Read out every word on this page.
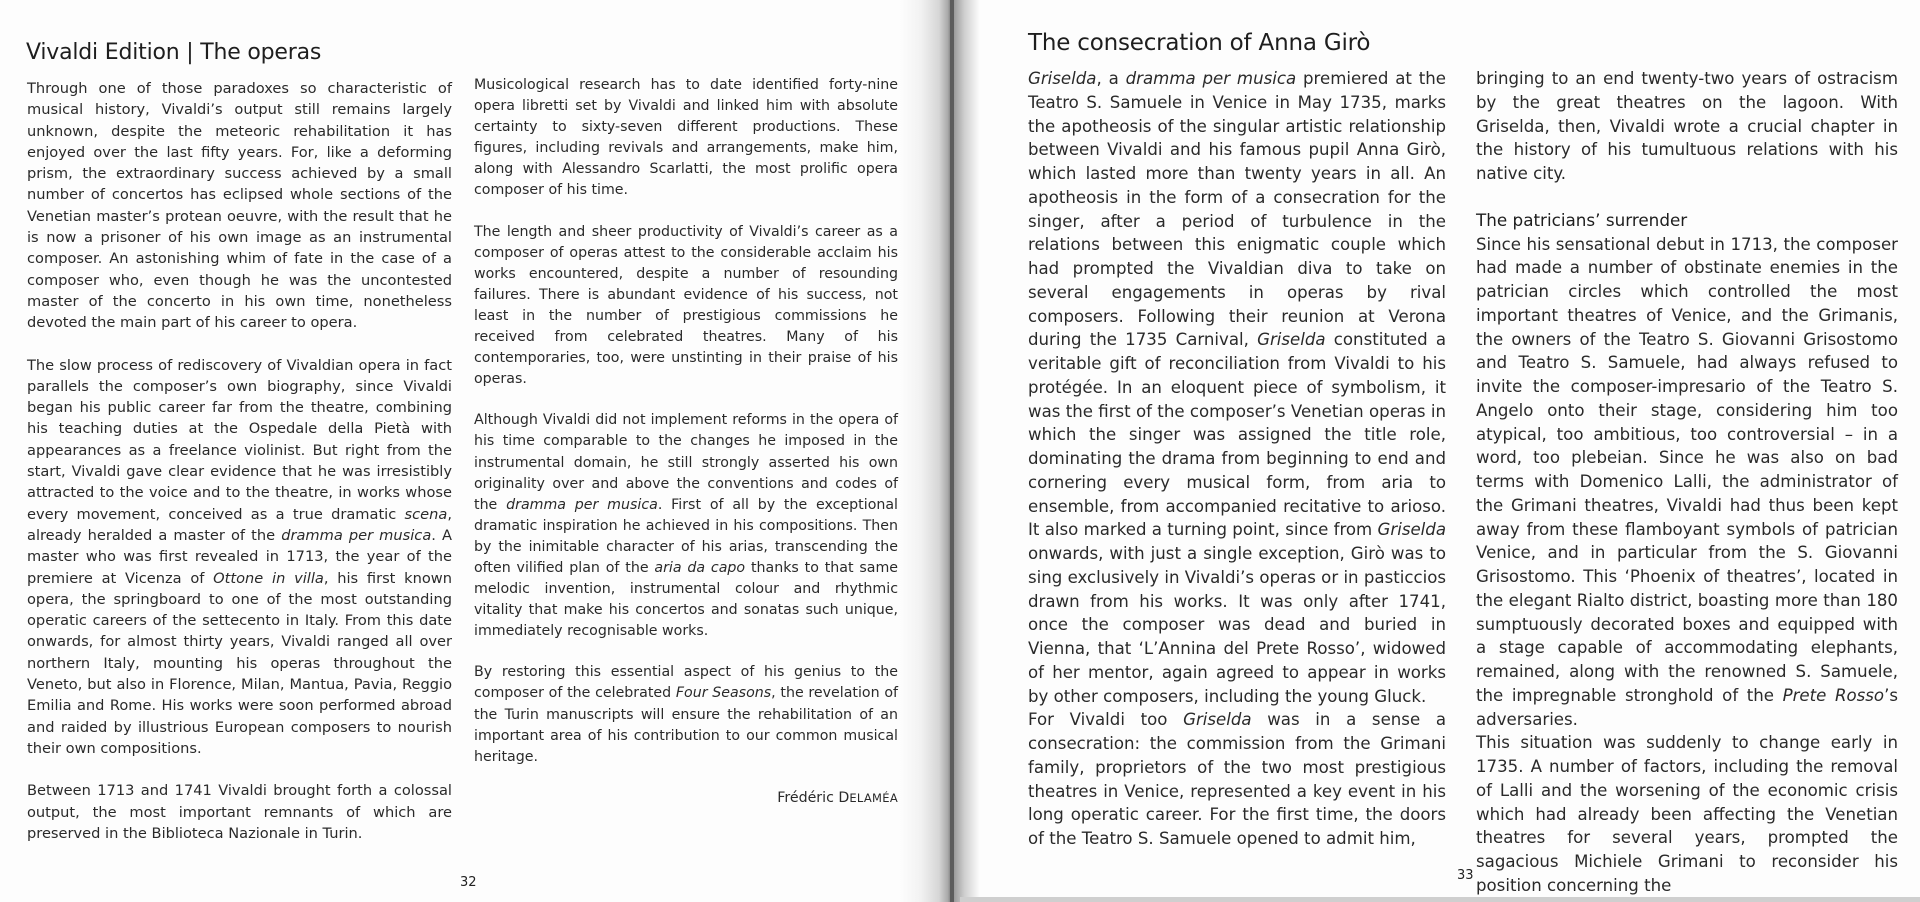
Vivaldi Edition | The operas

Through one of those paradoxes so characteristic of musical history, Vivaldi’s output still remains largely unknown, despite the meteoric rehabilitation it has enjoyed over the last fifty years. For, like a deforming prism, the extraordinary success achieved by a small number of concertos has eclipsed whole sections of the Venetian master’s protean oeuvre, with the result that he is now a prisoner of his own image as an instrumental composer. An astonishing whim of fate in the case of a composer who, even though he was the uncontested master of the concerto in his own time, nonetheless devoted the main part of his career to opera.

The slow process of rediscovery of Vivaldian opera in fact parallels the composer’s own biography, since Vivaldi began his public career far from the theatre, combining his teaching duties at the Ospedale della Pietà with appearances as a freelance violinist. But right from the start, Vivaldi gave clear evidence that he was irresistibly attracted to the voice and to the theatre, in works whose every movement, conceived as a true dramatic scena, already heralded a master of the dramma per musica. A master who was first revealed in 1713, the year of the premiere at Vicenza of Ottone in villa, his first known opera, the springboard to one of the most outstanding operatic careers of the settecento in Italy. From this date onwards, for almost thirty years, Vivaldi ranged all over northern Italy, mounting his operas throughout the Veneto, but also in Florence, Milan, Mantua, Pavia, Reggio Emilia and Rome. His works were soon performed abroad and raided by illustrious European composers to nourish their own compositions.

Between 1713 and 1741 Vivaldi brought forth a colossal output, the most important remnants of which are preserved in the Biblioteca Nazionale in Turin.

Musicological research has to date identified forty-nine opera libretti set by Vivaldi and linked him with absolute certainty to sixty-seven different productions. These figures, including revivals and arrangements, make him, along with Alessandro Scarlatti, the most prolific opera composer of his time.

The length and sheer productivity of Vivaldi’s career as a composer of operas attest to the considerable acclaim his works encountered, despite a number of resounding failures. There is abundant evidence of his success, not least in the number of prestigious commissions he received from celebrated theatres. Many of his contemporaries, too, were unstinting in their praise of his operas.

Although Vivaldi did not implement reforms in the opera of his time comparable to the changes he imposed in the instrumental domain, he still strongly asserted his own originality over and above the conventions and codes of the dramma per musica. First of all by the exceptional dramatic inspiration he achieved in his compositions. Then by the inimitable character of his arias, transcending the often vilified plan of the aria da capo thanks to that same melodic invention, instrumental colour and rhythmic vitality that make his concertos and sonatas such unique, immediately recognisable works.

By restoring this essential aspect of his genius to the composer of the celebrated Four Seasons, the revelation of the Turin manuscripts will ensure the rehabilitation of an important area of his contribution to our common musical heritage.

Frédéric DELAMÉA

32
The consecration of Anna Girò

Griselda, a dramma per musica premiered at the Teatro S. Samuele in Venice in May 1735, marks the apotheosis of the singular artistic relationship between Vivaldi and his famous pupil Anna Girò, which lasted more than twenty years in all. An apotheosis in the form of a consecration for the singer, after a period of turbulence in the relations between this enigmatic couple which had prompted the Vivaldian diva to take on several engagements in operas by rival composers. Following their reunion at Verona during the 1735 Carnival, Griselda constituted a veritable gift of reconciliation from Vivaldi to his protégée. In an eloquent piece of symbolism, it was the first of the composer’s Venetian operas in which the singer was assigned the title role, dominating the drama from beginning to end and cornering every musical form, from aria to ensemble, from accompanied recitative to arioso. It also marked a turning point, since from Griselda onwards, with just a single exception, Girò was to sing exclusively in Vivaldi’s operas or in pasticcios drawn from his works. It was only after 1741, once the composer was dead and buried in Vienna, that ‘L’Annina del Prete Rosso’, widowed of her mentor, again agreed to appear in works by other composers, including the young Gluck.

For Vivaldi too Griselda was in a sense a consecration: the commission from the Grimani family, proprietors of the two most prestigious theatres in Venice, represented a key event in his long operatic career. For the first time, the doors of the Teatro S. Samuele opened to admit him,

bringing to an end twenty-two years of ostracism by the great theatres on the lagoon. With Griselda, then, Vivaldi wrote a crucial chapter in the history of his tumultuous relations with his native city.

The patricians’ surrender

Since his sensational debut in 1713, the composer had made a number of obstinate enemies in the patrician circles which controlled the most important theatres of Venice, and the Grimanis, the owners of the Teatro S. Giovanni Grisostomo and Teatro S. Samuele, had always refused to invite the composer-impresario of the Teatro S. Angelo onto their stage, considering him too atypical, too ambitious, too controversial – in a word, too plebeian. Since he was also on bad terms with Domenico Lalli, the administrator of the Grimani theatres, Vivaldi had thus been kept away from these flamboyant symbols of patrician Venice, and in particular from the S. Giovanni Grisostomo. This ‘Phoenix of theatres’, located in the elegant Rialto district, boasting more than 180 sumptuously decorated boxes and equipped with a stage capable of accommodating elephants, remained, along with the renowned S. Samuele, the impregnable stronghold of the Prete Rosso’s adversaries.

This situation was suddenly to change early in 1735. A number of factors, including the removal of Lalli and the worsening of the economic crisis which had already been affecting the Venetian theatres for several years, prompted the sagacious Michiele Grimani to reconsider his position concerning the

33
